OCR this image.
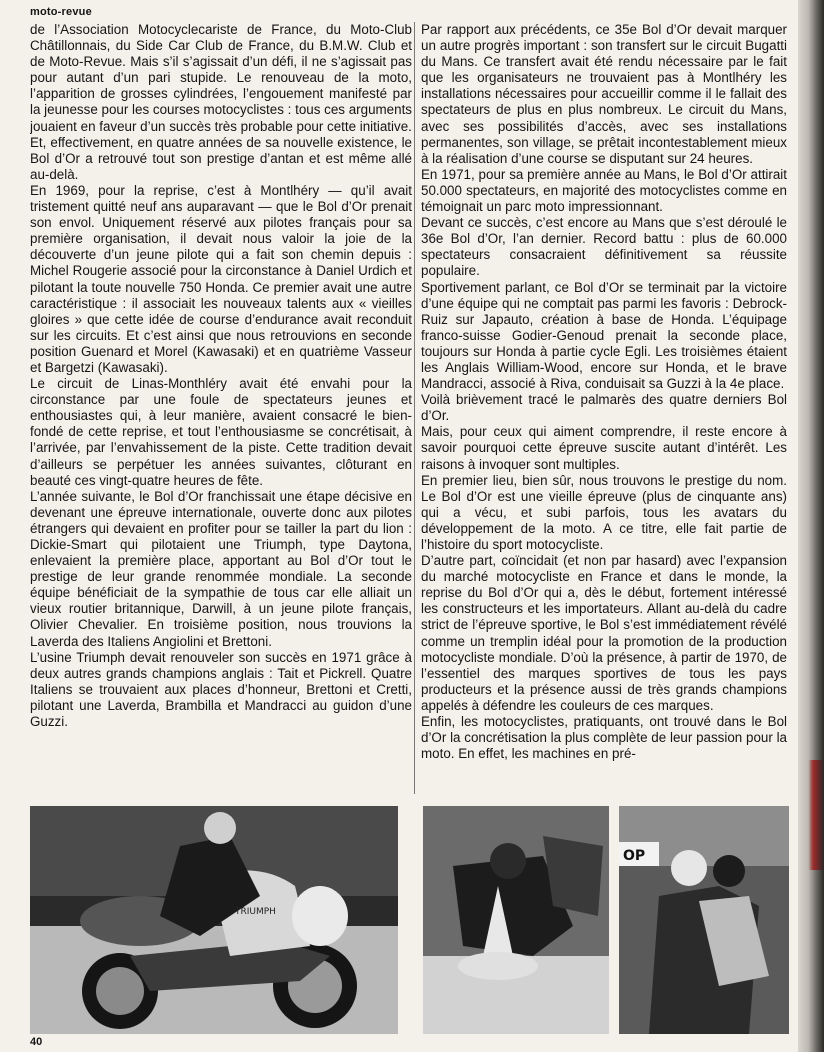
moto-revue

de l’Association Motocyclecariste de France, du Moto-Club Châtillonnais, du Side Car Club de France, du B.M.W. Club et de Moto-Revue. Mais s’il s’agissait d’un défi, il ne s’agissait pas pour autant d’un pari stupide. Le renouveau de la moto, l’apparition de grosses cylindrées, l’engouement manifesté par la jeunesse pour les courses motocyclistes : tous ces arguments jouaient en faveur d’un succès très probable pour cette initiative.

Et, effectivement, en quatre années de sa nouvelle existence, le Bol d’Or a retrouvé tout son prestige d’antan et est même allé au-delà.

En 1969, pour la reprise, c’est à Montlhéry — qu’il avait tristement quitté neuf ans auparavant — que le Bol d’Or prenait son envol. Uniquement réservé aux pilotes français pour sa première organisation, il devait nous valoir la joie de la découverte d’un jeune pilote qui a fait son chemin depuis : Michel Rougerie associé pour la circonstance à Daniel Urdich et pilotant la toute nouvelle 750 Honda. Ce premier avait une autre caractéristique : il associait les nouveaux talents aux « vieilles gloires » que cette idée de course d’endurance avait reconduit sur les circuits. Et c’est ainsi que nous retrouvions en seconde position Guenard et Morel (Kawasaki) et en quatrième Vasseur et Bargetzi (Kawasaki).

Le circuit de Linas-Monthléry avait été envahi pour la circonstance par une foule de spectateurs jeunes et enthousiastes qui, à leur manière, avaient consacré le bien-fondé de cette reprise, et tout l’enthousiasme se concrétisait, à l’arrivée, par l’envahissement de la piste. Cette tradition devait d’ailleurs se perpétuer les années suivantes, clôturant en beauté ces vingt-quatre heures de fête.

L’année suivante, le Bol d’Or franchissait une étape décisive en devenant une épreuve internationale, ouverte donc aux pilotes étrangers qui devaient en profiter pour se tailler la part du lion : Dickie-Smart qui pilotaient une Triumph, type Daytona, enlevaient la première place, apportant au Bol d’Or tout le prestige de leur grande renommée mondiale. La seconde équipe bénéficiait de la sympathie de tous car elle alliait un vieux routier britannique, Darwill, à un jeune pilote français, Olivier Chevalier. En troisième position, nous trouvions la Laverda des Italiens Angiolini et Brettoni.

L’usine Triumph devait renouveler son succès en 1971 grâce à deux autres grands champions anglais : Tait et Pickrell. Quatre Italiens se trouvaient aux places d’honneur, Brettoni et Cretti, pilotant une Laverda, Brambilla et Mandracci au guidon d’une Guzzi.

Par rapport aux précédents, ce 35e Bol d’Or devait marquer un autre progrès important : son transfert sur le circuit Bugatti du Mans. Ce transfert avait été rendu nécessaire par le fait que les organisateurs ne trouvaient pas à Montlhéry les installations nécessaires pour accueillir comme il le fallait des spectateurs de plus en plus nombreux. Le circuit du Mans, avec ses possibilités d’accès, avec ses installations permanentes, son village, se prêtait incontestablement mieux à la réalisation d’une course se disputant sur 24 heures.

En 1971, pour sa première année au Mans, le Bol d’Or attirait 50.000 spectateurs, en majorité des motocyclistes comme en témoignait un parc moto impressionnant.

Devant ce succès, c’est encore au Mans que s’est déroulé le 36e Bol d’Or, l’an dernier. Record battu : plus de 60.000 spectateurs consacraient définitivement sa réussite populaire.

Sportivement parlant, ce Bol d’Or se terminait par la victoire d’une équipe qui ne comptait pas parmi les favoris : Debrock-Ruiz sur Japauto, création à base de Honda. L’équipage franco-suisse Godier-Genoud prenait la seconde place, toujours sur Honda à partie cycle Egli. Les troisièmes étaient les Anglais William-Wood, encore sur Honda, et le brave Mandracci, associé à Riva, conduisait sa Guzzi à la 4e place.

Voilà brièvement tracé le palmarès des quatre derniers Bol d’Or.

Mais, pour ceux qui aiment comprendre, il reste encore à savoir pourquoi cette épreuve suscite autant d’intérêt. Les raisons à invoquer sont multiples.

En premier lieu, bien sûr, nous trouvons le prestige du nom. Le Bol d’Or est une vieille épreuve (plus de cinquante ans) qui a vécu, et subi parfois, tous les avatars du développement de la moto. A ce titre, elle fait partie de l’histoire du sport motocycliste.

D’autre part, coïncidait (et non par hasard) avec l’expansion du marché motocycliste en France et dans le monde, la reprise du Bol d’Or qui a, dès le début, fortement intéressé les constructeurs et les importateurs. Allant au-delà du cadre strict de l’épreuve sportive, le Bol s’est immédiatement révélé comme un tremplin idéal pour la promotion de la production motocycliste mondiale. D’où la présence, à partir de 1970, de l’essentiel des marques sportives de tous les pays producteurs et la présence aussi de très grands champions appelés à défendre les couleurs de ces marques.

Enfin, les motocyclistes, pratiquants, ont trouvé dans le Bol d’Or la concrétisation la plus complète de leur passion pour la moto. En effet, les machines en pré-

TRIUMPH
OP
40
